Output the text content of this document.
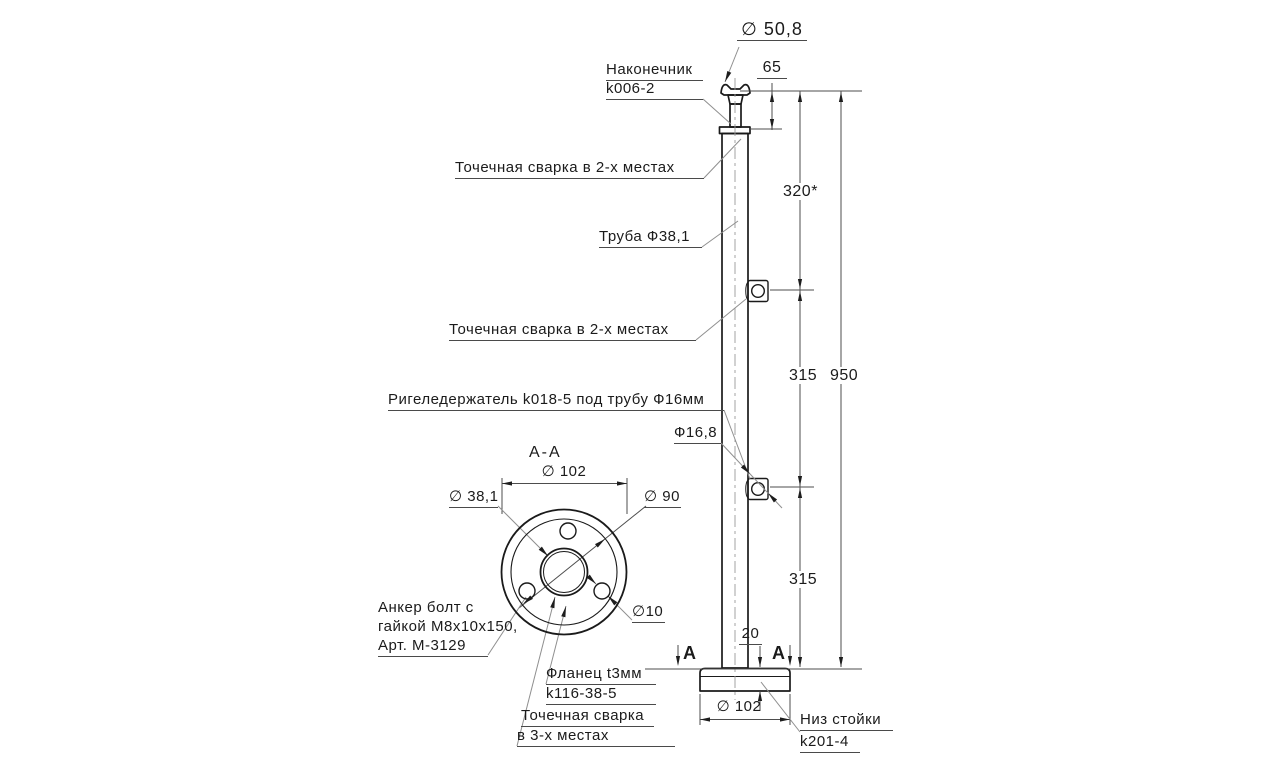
Наконечник
k006-2
Точечная сварка в 2-х местах
Труба Ф38,1
Точечная сварка в 2-х местах
Ригеледержатель k018-5 под трубу Ф16мм
Ф16,8
∅ 50,8
65
320*
315 950
315
20
∅ 102
Низ стойки
k201-4
А	А
А-А
∅ 102
∅ 38,1	∅ 90
∅10
Анкер болт с
гайкой М8х10х150,
Арт. М-3129
Фланец t3мм
k116-38-5
Точечная сварка
в 3-х местах
